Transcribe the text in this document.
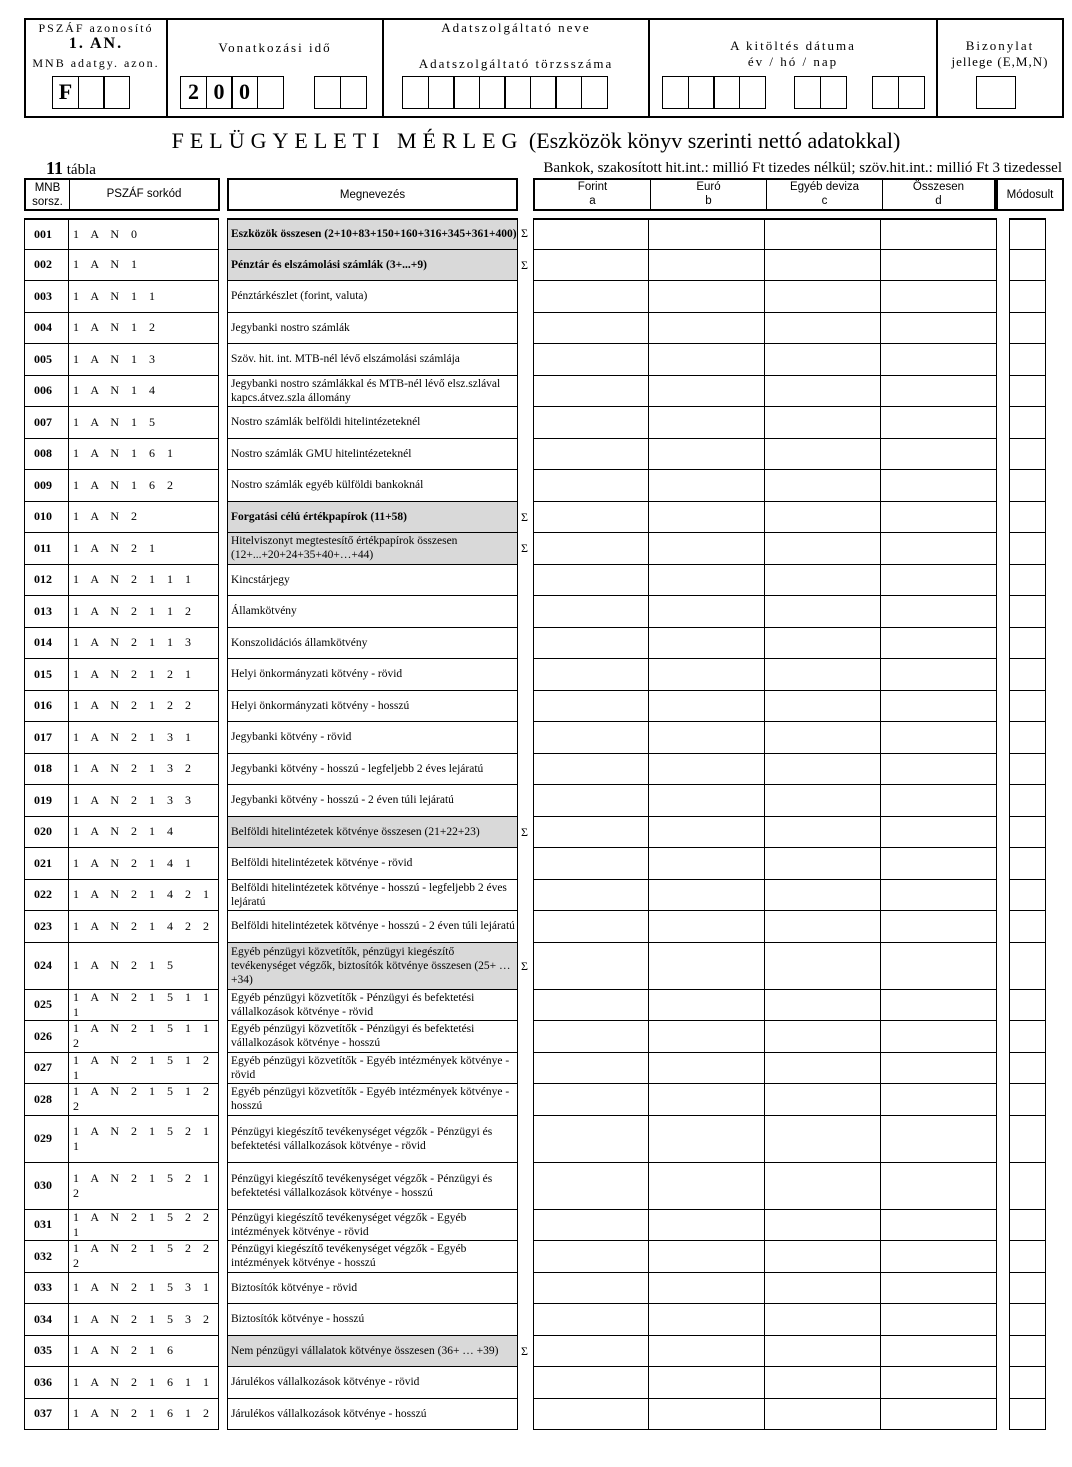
PSZÁF azonosító
1. AN.
MNB adatgy. azon.
F
Vonatkozási idő
2 0 0
Adatszolgáltató neve
Adatszolgáltató törzsszáma
A kitöltés dátuma
év / hó / nap
Bizonylat
jellege (E,M,N)
FELÜGYELETI MÉRLEG (Eszközök könyv szerinti nettó adatokkal)
11 tábla	Bankok, szakosított hit.int.: millió Ft tizedes nélkül; szöv.hit.int.: millió Ft 3 tizedessel
MNB
sorsz.
PSZÁF sorkód	Megnevezés
Forint
a
Euró
b
Egyéb deviza
c
Összesen
d	Módosult
001	1 A N 0	Eszközök összesen (2+10+83+150+160+316+345+361+400) Σ
002	1 A N 1	Pénztár és elszámolási számlák (3+...+9)	Σ
003	1 A N 1 1	Pénztárkészlet (forint, valuta)
004	1 A N 1 2	Jegybanki nostro számlák
005	1 A N 1 3	Szöv. hit. int. MTB-nél lévő elszámolási számlája
006	1 A N 1 4	Jegybanki nostro számlákkal és MTB-nél lévő elsz.szlával kapcs.átvez.szla állomány
007	1 A N 1 5	Nostro számlák belföldi hitelintézeteknél
008	1 A N 1 6 1	Nostro számlák GMU hitelintézeteknél
009	1 A N 1 6 2	Nostro számlák egyéb külföldi bankoknál
010	1 A N 2	Forgatási célú értékpapírok (11+58)	Σ
011	1 A N 2 1	Hitelviszonyt megtestesítő értékpapírok összesen (12+...+20+24+35+40+…+44)	Σ
012	1 A N 2 1 1 1	Kincstárjegy
013	1 A N 2 1 1 2	Államkötvény
014	1 A N 2 1 1 3	Konszolidációs államkötvény
015	1 A N 2 1 2 1	Helyi önkormányzati kötvény - rövid
016	1 A N 2 1 2 2	Helyi önkormányzati kötvény - hosszú
017	1 A N 2 1 3 1	Jegybanki kötvény - rövid
018	1 A N 2 1 3 2	Jegybanki kötvény - hosszú - legfeljebb 2 éves lejáratú
019	1 A N 2 1 3 3	Jegybanki kötvény - hosszú - 2 éven túli lejáratú
020	1 A N 2 1 4	Belföldi hitelintézetek kötvénye összesen (21+22+23)	Σ
021	1 A N 2 1 4 1	Belföldi hitelintézetek kötvénye - rövid
022	1 A N 2 1 4 2 1	Belföldi hitelintézetek kötvénye - hosszú - legfeljebb 2 éves lejáratú
023	1 A N 2 1 4 2 2	Belföldi hitelintézetek kötvénye - hosszú - 2 éven túli lejáratú
024	1 A N 2 1 5
Egyéb pénzügyi közvetítők, pénzügyi kiegészítő tevékenységet végzők, biztosítók kötvénye összesen (25+ … +34)
Σ
025
1 A N 2 1 5 1 1 1
Egyéb pénzügyi közvetítők - Pénzügyi és befektetési vállalkozások kötvénye - rövid
026
1 A N 2 1 5 1 1 2
Egyéb pénzügyi közvetítők - Pénzügyi és befektetési vállalkozások kötvénye - hosszú
027
1 A N 2 1 5 1 2 1
Egyéb pénzügyi közvetítők - Egyéb intézmények kötvénye - rövid
028
1 A N 2 1 5 1 2 2
Egyéb pénzügyi közvetítők - Egyéb intézmények kötvénye - hosszú
029
1 A N 2 1 5 2 1 1
Pénzügyi kiegészítő tevékenységet végzők - Pénzügyi és befektetési vállalkozások kötvénye - rövid
030
1 A N 2 1 5 2 1 2
Pénzügyi kiegészítő tevékenységet végzők - Pénzügyi és befektetési vállalkozások kötvénye - hosszú
031
1 A N 2 1 5 2 2 1
Pénzügyi kiegészítő tevékenységet végzők - Egyéb intézmények kötvénye - rövid
032
1 A N 2 1 5 2 2 2
Pénzügyi kiegészítő tevékenységet végzők - Egyéb intézmények kötvénye - hosszú
033	1 A N 2 1 5 3 1	Biztosítók kötvénye - rövid
034	1 A N 2 1 5 3 2	Biztosítók kötvénye - hosszú
035	1 A N 2 1 6	Nem pénzügyi vállalatok kötvénye összesen (36+ … +39)	Σ
036	1 A N 2 1 6 1 1	Járulékos vállalkozások kötvénye - rövid
037	1 A N 2 1 6 1 2	Járulékos vállalkozások kötvénye - hosszú
